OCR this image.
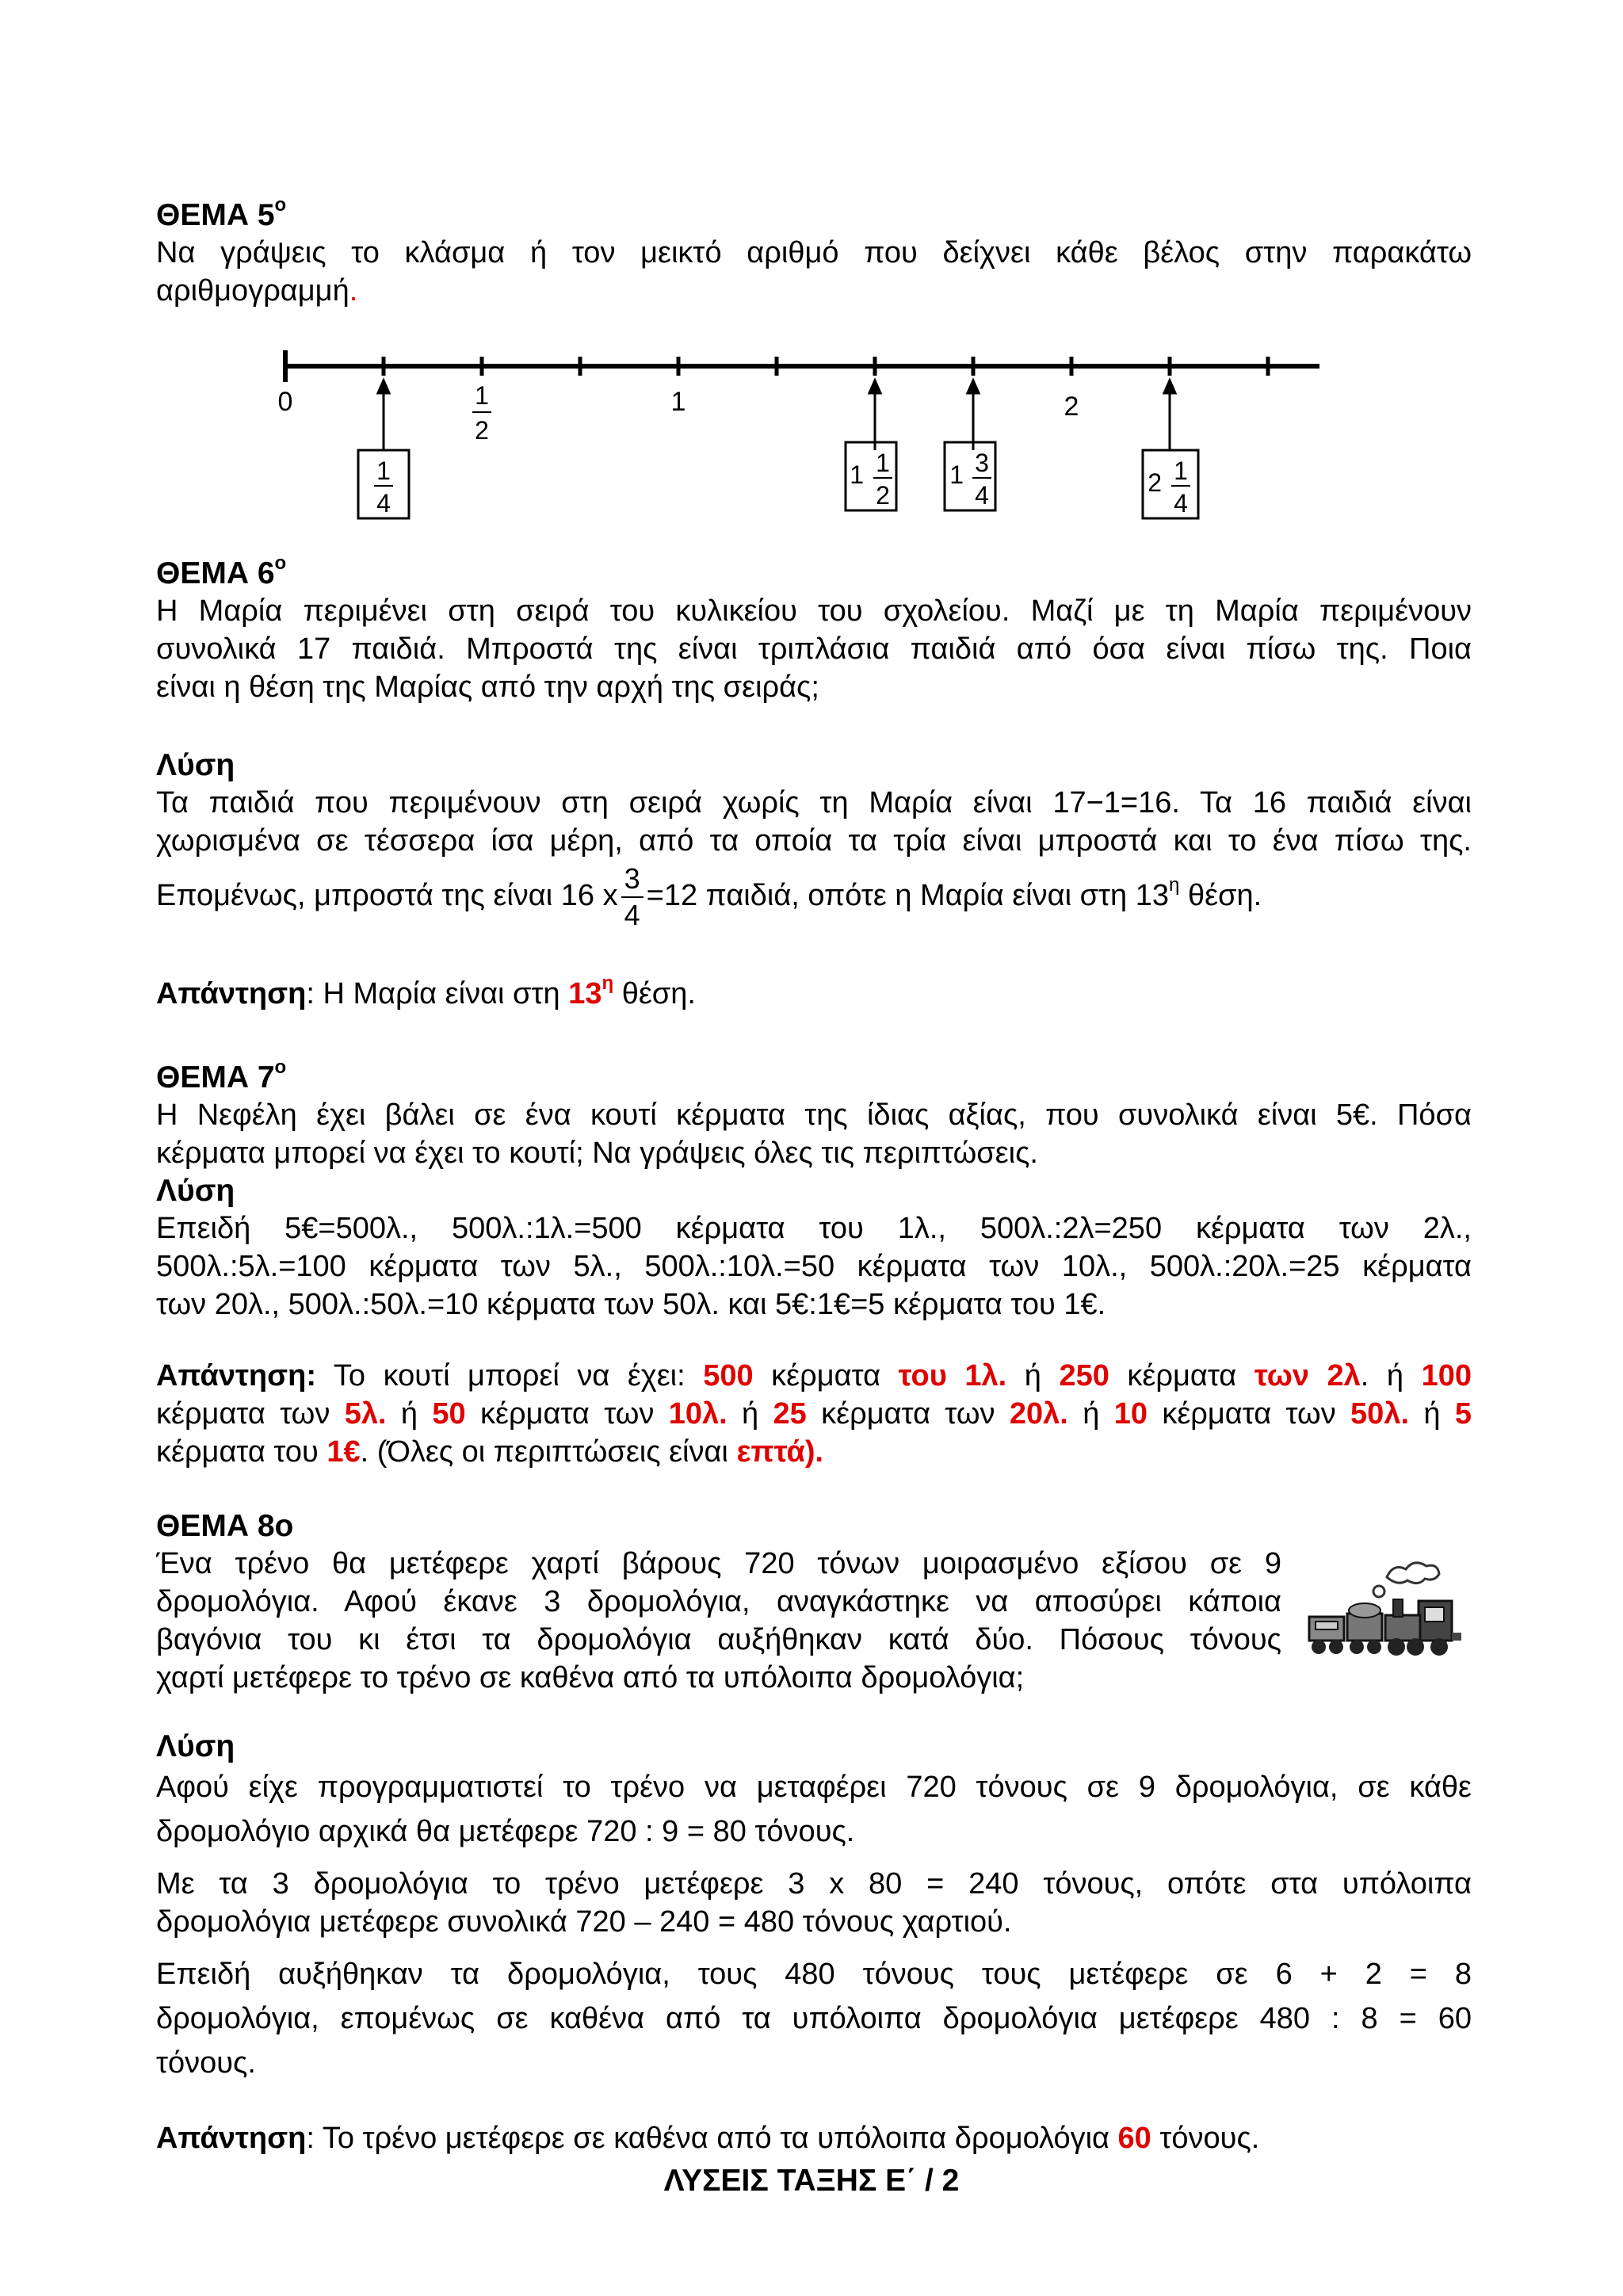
ΘΕΜΑ $5^o$

Να γράψεις το κλάσμα ή τον μεικτό αριθμό που δείχνει κάθε βέλος στην παρακάτω
αριθμογραμμή.

0	1
2
1	2
1
4
1 1
2
1 3
4	2 1
4

ΘΕΜΑ $6^o$

Η Μαρία περιμένει στη σειρά του κυλικείου του σχολείου. Μαζί με τη Μαρία περιμένουν
συνολικά 17 παιδιά. Μπροστά της είναι τριπλάσια παιδιά από όσα είναι πίσω της. Ποια
είναι η θέση της Μαρίας από την αρχή της σειράς;

Λύση

Τα παιδιά που περιμένουν στη σειρά χωρίς τη Μαρία είναι 17−1=16. Τα 16 παιδιά είναι
χωρισμένα σε τέσσερα ίσα μέρη, από τα οποία τα τρία είναι μπροστά και το ένα πίσω της.

Επομένως, μπροστά της είναι 16 x $\frac{3}{4} =12$ παιδιά, οπότε η Μαρία είναι στη $13^\eta$ θέση.

Απάντηση: Η Μαρία είναι στη $13^\eta$ θέση.

ΘΕΜΑ $7^o$

Η Νεφέλη έχει βάλει σε ένα κουτί κέρματα της ίδιας αξίας, που συνολικά είναι 5€. Πόσα
κέρματα μπορεί να έχει το κουτί; Να γράψεις όλες τις περιπτώσεις.

Λύση

Επειδή 5€=500λ., 500λ.:1λ.=500 κέρματα του 1λ., 500λ.:2λ=250 κέρματα των 2λ.,
500λ.:5λ.=100 κέρματα των 5λ., 500λ.:10λ.=50 κέρματα των 10λ., 500λ.:20λ.=25 κέρματα
των 20λ., 500λ.:50λ.=10 κέρματα των 50λ. και 5€:1€=5 κέρματα του 1€.

Απάντηση: Το κουτί μπορεί να έχει: 500 κέρματα του 1λ. ή 250 κέρματα των 2λ. ή 100
κέρματα των 5λ. ή 50 κέρματα των 10λ. ή 25 κέρματα των 20λ. ή 10 κέρματα των 50λ. ή 5
κέρματα του 1€. (Όλες οι περιπτώσεις είναι επτά).

ΘΕΜΑ 8ο

Ένα τρένο θα μετέφερε χαρτί βάρους 720 τόνων μοιρασμένο εξίσου σε 9
δρομολόγια. Αφού έκανε 3 δρομολόγια, αναγκάστηκε να αποσύρει κάποια
βαγόνια του κι έτσι τα δρομολόγια αυξήθηκαν κατά δύο. Πόσους τόνους
χαρτί μετέφερε το τρένο σε καθένα από τα υπόλοιπα δρομολόγια;

Λύση

Αφού είχε προγραμματιστεί το τρένο να μεταφέρει 720 τόνους σε 9 δρομολόγια, σε κάθε
δρομολόγιο αρχικά θα μετέφερε 720 : 9 = 80 τόνους.

Με τα 3 δρομολόγια το τρένο μετέφερε 3 x 80 = 240 τόνους, οπότε στα υπόλοιπα
δρομολόγια μετέφερε συνολικά 720 – 240 = 480 τόνους χαρτιού.

Επειδή αυξήθηκαν τα δρομολόγια, τους 480 τόνους τους μετέφερε σε 6 + 2 = 8
δρομολόγια, επομένως σε καθένα από τα υπόλοιπα δρομολόγια μετέφερε 480 : 8 = 60
τόνους.

Απάντηση: Το τρένο μετέφερε σε καθένα από τα υπόλοιπα δρομολόγια 60 τόνους.

ΛΥΣΕΙΣ ΤΑΞΗΣ Ε΄ / 2
